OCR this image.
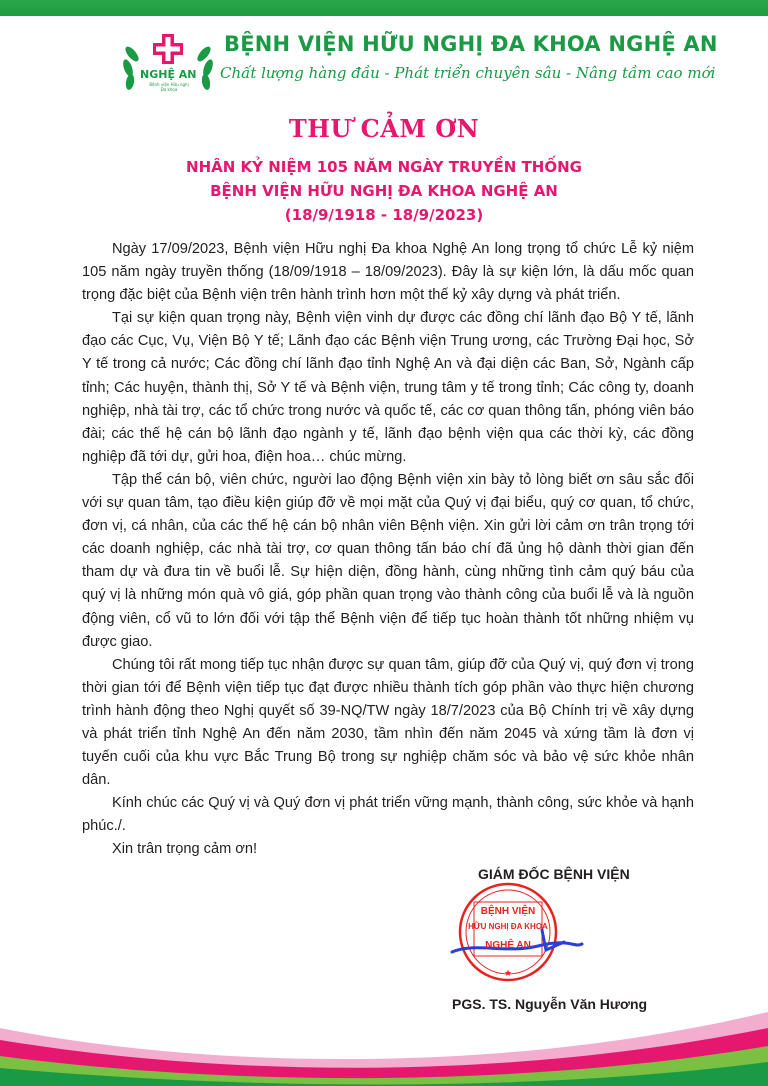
NGHỆ AN
Bệnh viện Hữu nghị Đa khoa
BỆNH VIỆN HỮU NGHỊ ĐA KHOA NGHỆ AN
Chất lượng hàng đầu - Phát triển chuyên sâu - Nâng tầm cao mới
THƯ CẢM ƠN
NHÂN KỶ NIỆM 105 NĂM NGÀY TRUYỀN THỐNG
BỆNH VIỆN HỮU NGHỊ ĐA KHOA NGHỆ AN
(18/9/1918 - 18/9/2023)

Ngày 17/09/2023, Bệnh viện Hữu nghị Đa khoa Nghệ An long trọng tổ chức Lễ kỷ niệm 105 năm ngày truyền thống (18/09/1918 – 18/09/2023). Đây là sự kiện lớn, là dấu mốc quan trọng đặc biệt của Bệnh viện trên hành trình hơn một thế kỷ xây dựng và phát triển.

Tại sự kiện quan trọng này, Bệnh viện vinh dự được các đồng chí lãnh đạo Bộ Y tế, lãnh đạo các Cục, Vụ, Viện Bộ Y tế; Lãnh đạo các Bệnh viện Trung ương, các Trường Đại học, Sở Y tế trong cả nước; Các đồng chí lãnh đạo tỉnh Nghệ An và đại diện các Ban, Sở, Ngành cấp tỉnh; Các huyện, thành thị, Sở Y tế và Bệnh viện, trung tâm y tế trong tỉnh; Các công ty, doanh nghiệp, nhà tài trợ, các tổ chức trong nước và quốc tế, các cơ quan thông tấn, phóng viên báo đài; các thế hệ cán bộ lãnh đạo ngành y tế, lãnh đạo bệnh viện qua các thời kỳ, các đồng nghiệp đã tới dự, gửi hoa, điện hoa… chúc mừng.

Tập thể cán bộ, viên chức, người lao động Bệnh viện xin bày tỏ lòng biết ơn sâu sắc đối với sự quan tâm, tạo điều kiện giúp đỡ về mọi mặt của Quý vị đại biểu, quý cơ quan, tổ chức, đơn vị, cá nhân, của các thế hệ cán bộ nhân viên Bệnh viện. Xin gửi lời cảm ơn trân trọng tới các doanh nghiệp, các nhà tài trợ, cơ quan thông tấn báo chí đã ủng hộ dành thời gian đến tham dự và đưa tin về buổi lễ. Sự hiện diện, đồng hành, cùng những tình cảm quý báu của quý vị là những món quà vô giá, góp phần quan trọng vào thành công của buổi lễ và là nguồn động viên, cổ vũ to lớn đối với tập thể Bệnh viện để tiếp tục hoàn thành tốt những nhiệm vụ được giao.

Chúng tôi rất mong tiếp tục nhận được sự quan tâm, giúp đỡ của Quý vị, quý đơn vị trong thời gian tới để Bệnh viện tiếp tục đạt được nhiều thành tích góp phần vào thực hiện chương trình hành động theo Nghị quyết số 39-NQ/TW ngày 18/7/2023 của Bộ Chính trị về xây dựng và phát triển tỉnh Nghệ An đến năm 2030, tầm nhìn đến năm 2045 và xứng tầm là đơn vị tuyến cuối của khu vực Bắc Trung Bộ trong sự nghiệp chăm sóc và bảo vệ sức khỏe nhân dân.

Kính chúc các Quý vị và Quý đơn vị phát triển vững mạnh, thành công, sức khỏe và hạnh phúc./.

Xin trân trọng cảm ơn!

GIÁM ĐỐC BỆNH VIỆN
★
BỆNH VIỆN
HỮU NGHỊ ĐA KHOA
NGHỆ AN
PGS. TS. Nguyễn Văn Hương
